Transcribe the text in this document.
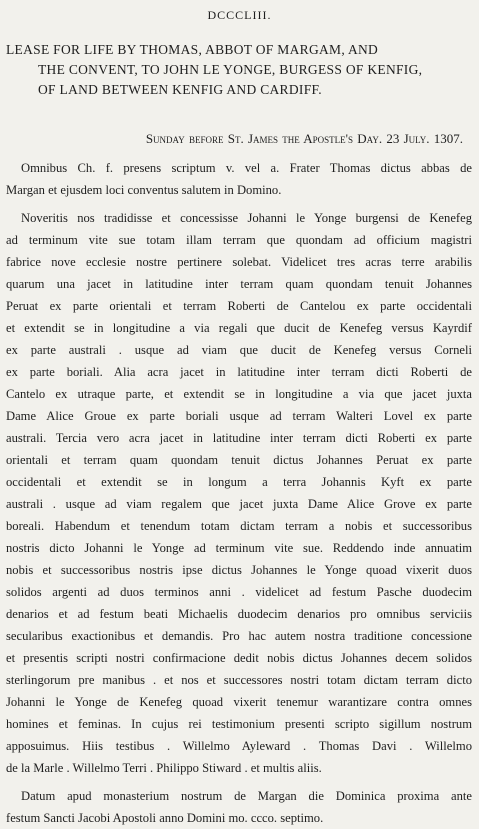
DCCCLIII.
LEASE FOR LIFE BY THOMAS, ABBOT OF MARGAM, AND
THE CONVENT, TO JOHN LE YONGE, BURGESS OF KENFIG,
OF LAND BETWEEN KENFIG AND CARDIFF.
Sunday before St. James the Apostle's Day. 23 July. 1307.
Omnibus Ch. f. presens scriptum v. vel a. Frater Thomas dictus abbas de
Margan et ejusdem loci conventus salutem in Domino.
Noveritis nos tradidisse et concessisse Johanni le Yonge burgensi de Kenefeg
ad terminum vite sue totam illam terram que quondam ad officium magistri
fabrice nove ecclesie nostre pertinere solebat. Videlicet tres acras terre arabilis
quarum una jacet in latitudine inter terram quam quondam tenuit Johannes
Peruat ex parte orientali et terram Roberti de Cantelou ex parte occidentali
et extendit se in longitudine a via regali que ducit de Kenefeg versus Kayrdif
ex parte australi . usque ad viam que ducit de Kenefeg versus Corneli
ex parte boriali. Alia acra jacet in latitudine inter terram dicti Roberti de
Cantelo ex utraque parte, et extendit se in longitudine a via que jacet juxta
Dame Alice Groue ex parte boriali usque ad terram Walteri Lovel ex parte
australi. Tercia vero acra jacet in latitudine inter terram dicti Roberti ex parte
orientali et terram quam quondam tenuit dictus Johannes Peruat ex parte
occidentali et extendit se in longum a terra Johannis Kyft ex parte
australi . usque ad viam regalem que jacet juxta Dame Alice Grove ex parte
boreali. Habendum et tenendum totam dictam terram a nobis et successoribus
nostris dicto Johanni le Yonge ad terminum vite sue. Reddendo inde annuatim
nobis et successoribus nostris ipse dictus Johannes le Yonge quoad vixerit duos
solidos argenti ad duos terminos anni . videlicet ad festum Pasche duodecim
denarios et ad festum beati Michaelis duodecim denarios pro omnibus serviciis
secularibus exactionibus et demandis. Pro hac autem nostra traditione concessione
et presentis scripti nostri confirmacione dedit nobis dictus Johannes decem solidos
sterlingorum pre manibus . et nos et successores nostri totam dictam terram dicto
Johanni le Yonge de Kenefeg quoad vixerit tenemur warantizare contra omnes
homines et feminas. In cujus rei testimonium presenti scripto sigillum nostrum
apposuimus. Hiis testibus . Willelmo Ayleward . Thomas Davi . Willelmo
de la Marle . Willelmo Terri . Philippo Stiward . et multis aliis.
Datum apud monasterium nostrum de Margan die Dominica proxima ante
festum Sancti Jacobi Apostoli anno Domini mo. ccco. septimo.
